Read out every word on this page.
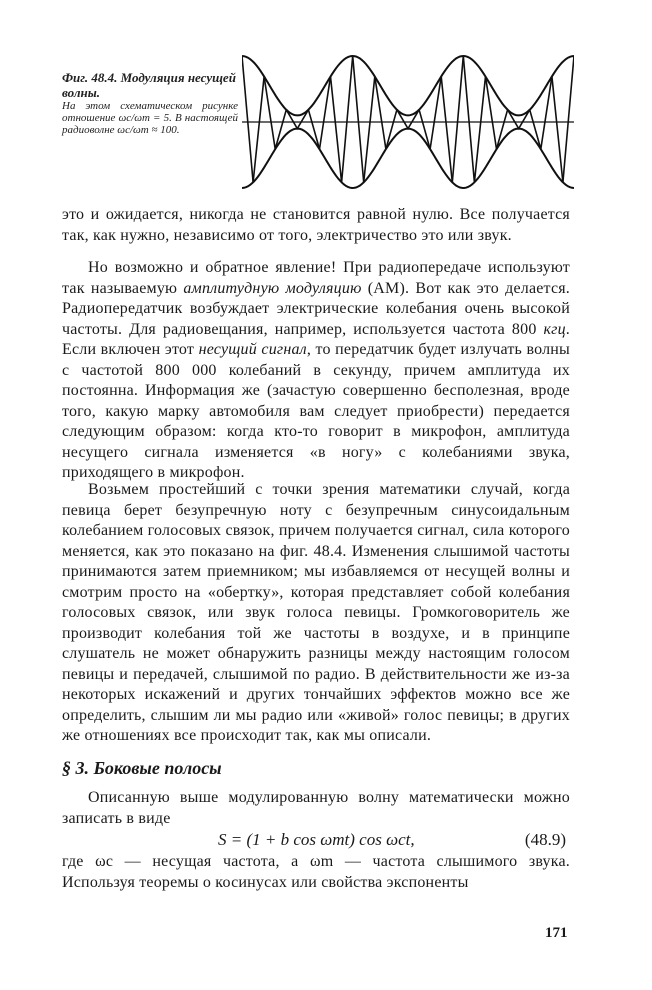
Фиг. 48.4. Модуляция несущей волны.
На этом схематическом рисунке отношение ωc/ωm = 5. В настоящей радиоволне ωc/ωm ≈ 100.

это и ожидается, никогда не становится равной нулю. Все получается так, как нужно, независимо от того, электричество это или звук.

Но возможно и обратное явление! При радиопередаче используют так называемую амплитудную модуляцию (АМ). Вот как это делается. Радиопередатчик возбуждает электрические колебания очень высокой частоты. Для радиовещания, например, используется частота 800 кгц. Если включен этот несущий сигнал, то передатчик будет излучать волны с частотой 800 000 колебаний в секунду, причем амплитуда их постоянна. Информация же (зачастую совершенно бесполезная, вроде того, какую марку автомобиля вам следует приобрести) передается следующим образом: когда кто-то говорит в микрофон, амплитуда несущего сигнала изменяется «в ногу» с колебаниями звука, приходящего в микрофон.

Возьмем простейший с точки зрения математики случай, когда певица берет безупречную ноту с безупречным синусоидальным колебанием голосовых связок, причем получается сигнал, сила которого меняется, как это показано на фиг. 48.4. Изменения слышимой частоты принимаются затем приемником; мы избавляемся от несущей волны и смотрим просто на «обертку», которая представляет собой колебания голосовых связок, или звук голоса певицы. Громкоговоритель же производит колебания той же частоты в воздухе, и в принципе слушатель не может обнаружить разницы между настоящим голосом певицы и передачей, слышимой по радио. В действительности же из-за некоторых искажений и других тончайших эффектов можно все же определить, слышим ли мы радио или «живой» голос певицы; в других же отношениях все происходит так, как мы описали.

§ 3. Боковые полосы

Описанную выше модулированную волну математически можно записать в виде

S = (1 + b cos ωmt) cos ωct,	(48.9)

где ωc — несущая частота, а ωm — частота слышимого звука. Используя теоремы о косинусах или свойства экспоненты

171
